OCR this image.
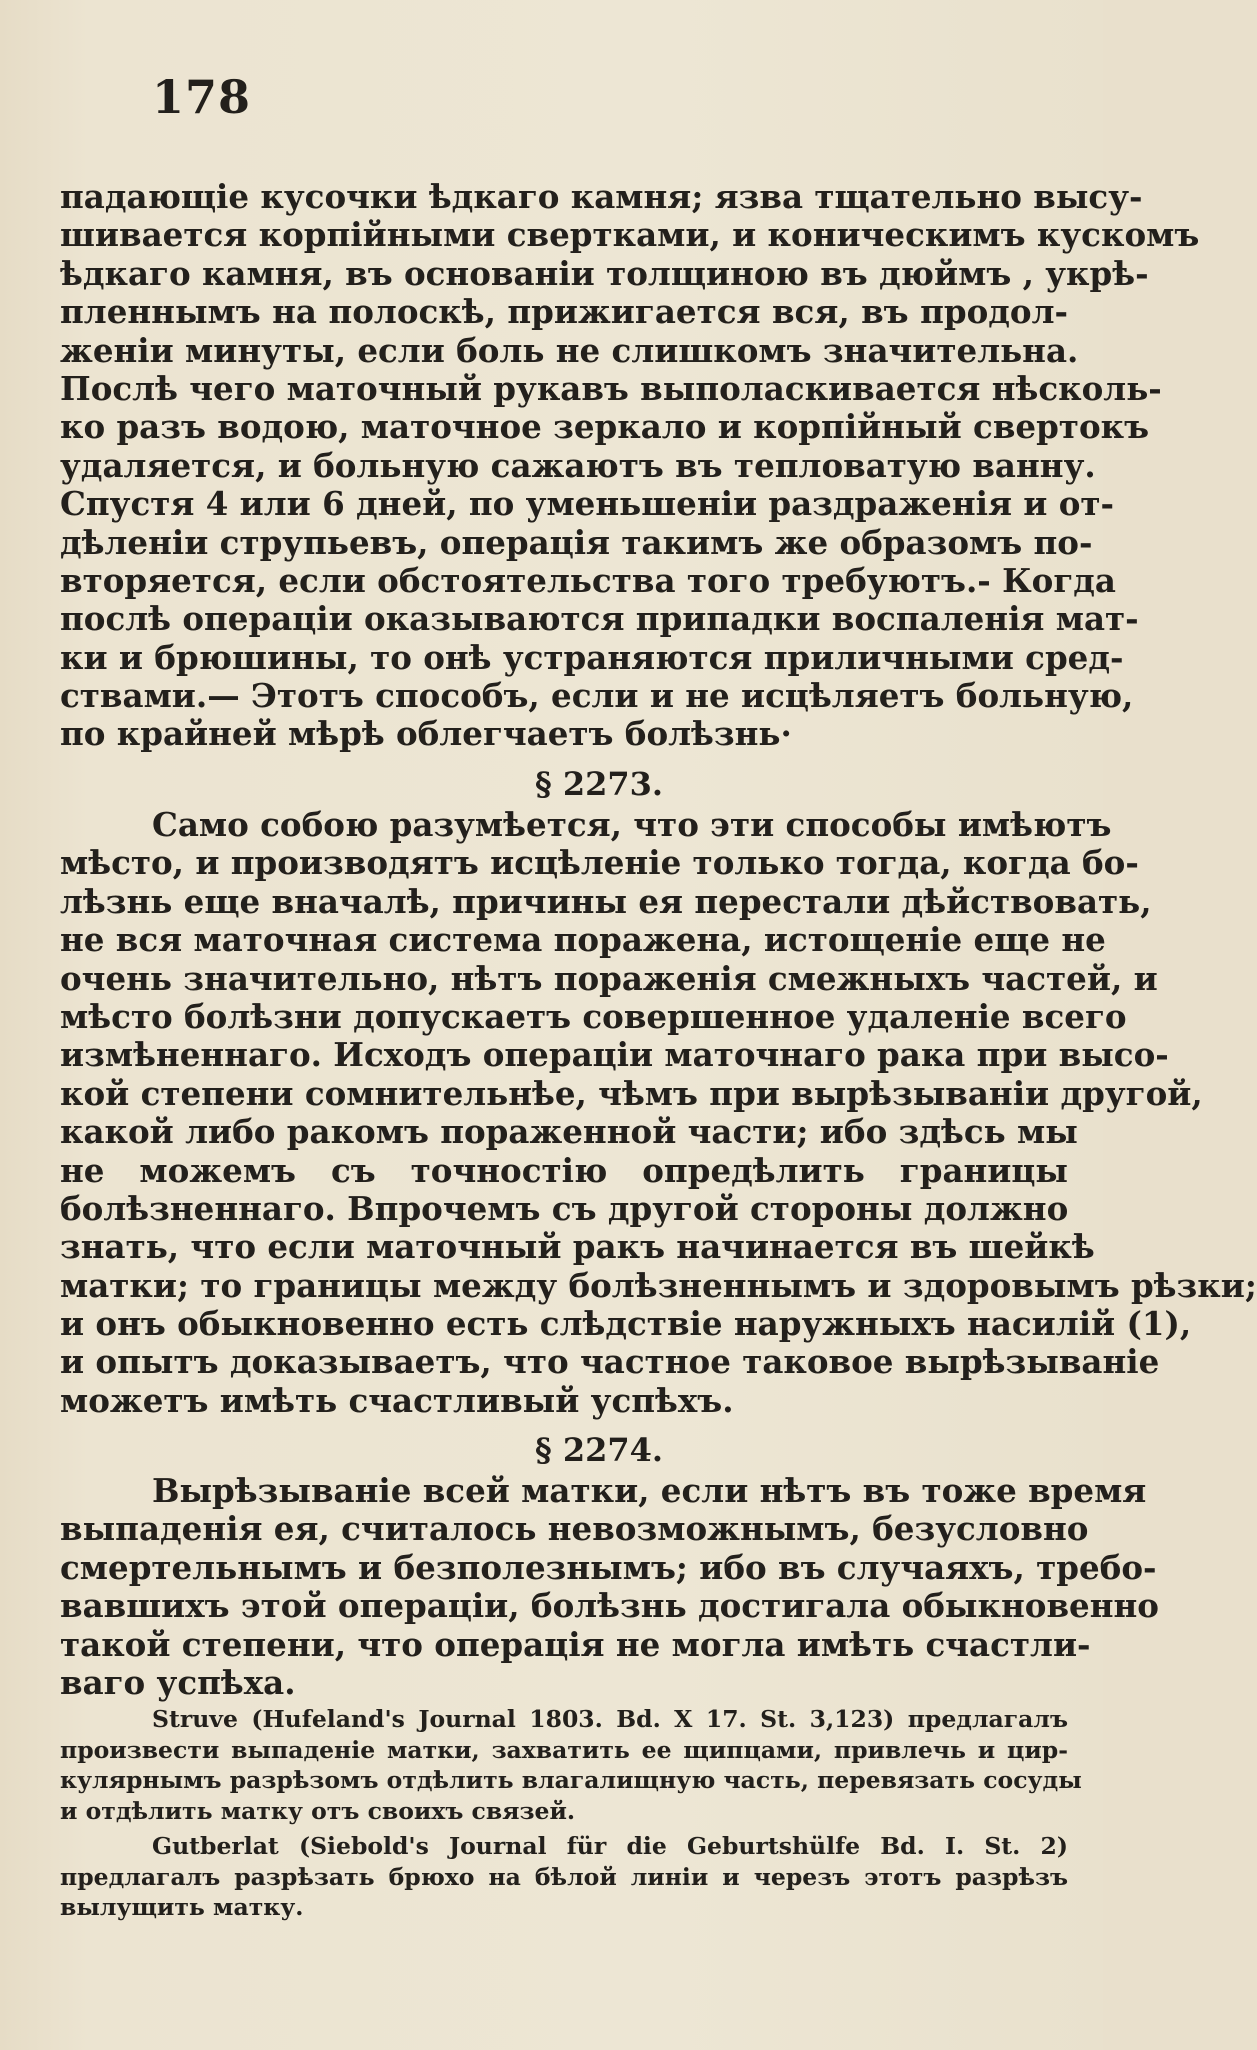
178
падающіе кусочки ѣдкаго камня; язва тщательно высу-
шивается корпійными свертками, и коническимъ кускомъ
ѣдкаго камня, въ основаніи толщиною въ дюймъ , укрѣ-
пленнымъ на полоскѣ, прижигается вся, въ продол-
женіи минуты, если боль не слишкомъ значительна.
Послѣ чего маточный рукавъ выполаскивается нѣсколь-
ко разъ водою, маточное зеркало и корпійный свертокъ
удаляется, и больную сажаютъ въ тепловатую ванну.
Спустя 4 или 6 дней, по уменьшеніи раздраженія и от-
дѣленіи струпьевъ, операція такимъ же образомъ по-
вторяется, если обстоятельства того требуютъ.- Когда
послѣ операціи оказываются припадки воспаленія мат-
ки и брюшины, то онѣ устраняются приличными сред-
ствами.— Этотъ способъ, если и не исцѣляетъ больную,
по крайней мѣрѣ облегчаетъ болѣзнь·
§ 2273.
Само собою разумѣется, что эти способы имѣютъ
мѣсто, и производятъ исцѣленіе только тогда, когда бо-
лѣзнь еще вначалѣ, причины ея перестали дѣйствовать,
не вся маточная система поражена, истощеніе еще не
очень значительно, нѣтъ пораженія смежныхъ частей, и
мѣсто болѣзни допускаетъ совершенное удаленіе всего
измѣненнаго. Исходъ операціи маточнаго рака при высо-
кой степени сомнительнѣе, чѣмъ при вырѣзываніи другой,
какой либо ракомъ пораженной части; ибо здѣсь мы
не можемъ съ точностію опредѣлить границы
болѣзненнаго. Впрочемъ съ другой стороны должно
знать, что если маточный ракъ начинается въ шейкѣ
матки; то границы между болѣзненнымъ и здоровымъ рѣзки;
и онъ обыкновенно есть слѣдствіе наружныхъ насилій (1),
и опытъ доказываетъ, что частное таковое вырѣзываніе
можетъ имѣть счастливый успѣхъ.
§ 2274.
Вырѣзываніе всей матки, если нѣтъ въ тоже время
выпаденія ея, считалось невозможнымъ, безусловно
смертельнымъ и безполезнымъ; ибо въ случаяхъ, требо-
вавшихъ этой операціи, болѣзнь достигала обыкновенно
такой степени, что операція не могла имѣть счастли-
ваго успѣха.
Struve (Hufeland's Journal 1803. Bd. X 17. St. 3,123) предлагалъ
произвести выпаденіе матки, захватить ее щипцами, привлечь и цир-
кулярнымъ разрѣзомъ отдѣлить влагалищную часть, перевязать сосуды
и отдѣлить матку отъ своихъ связей.
Gutberlat (Siebold's Journal für die Geburtshülfe Bd. I. St. 2)
предлагалъ разрѣзать брюхо на бѣлой линіи и черезъ этотъ разрѣзъ
вылущить матку.
